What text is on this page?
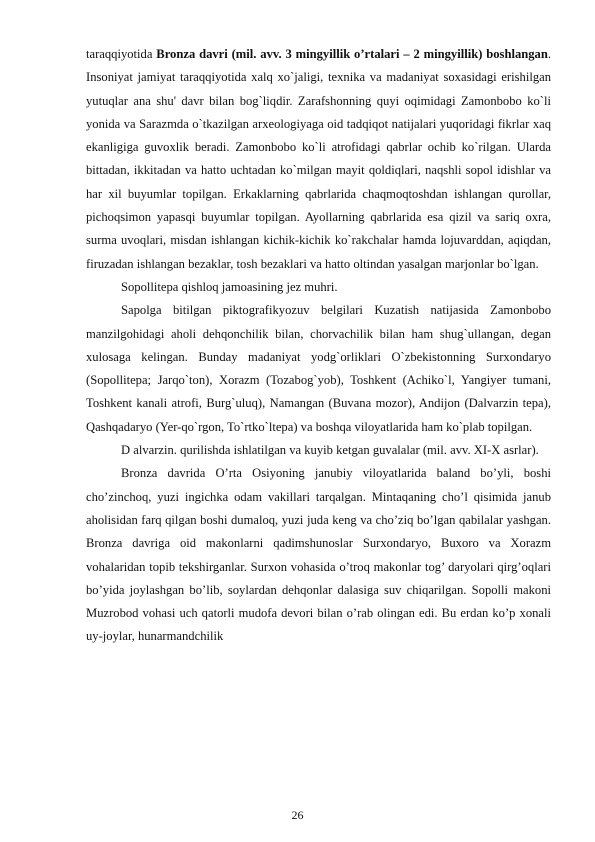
taraqqiyotida Bronza davri (mil. avv. 3 mingyillik o’rtalari – 2 mingyillik) boshlangan. Insoniyat jamiyat taraqqiyotida xalq xo`jaligi, texnika va madaniyat soxasidagi erishilgan yutuqlar ana shu' davr bilan bog`liqdir. Zarafshonning quyi oqimidagi Zamonbobo ko`li yonida va Sarazmda o`tkazilgan arxeologiyaga oid tadqiqot natijalari yuqoridagi fikrlar xaq ekanligiga guvoxlik beradi. Zamonbobo ko`li atrofidagi qabrlar ochib ko`rilgan. Ularda bittadan, ikkitadan va hatto uchtadan ko`milgan mayit qoldiqlari, naqshli sopol idishlar va har xil buyumlar topilgan. Erkaklarning qabrlarida chaqmoqtoshdan ishlangan qurollar, pichoqsimon yapasqi buyumlar topilgan. Ayollarning qabrlarida esa qizil va sariq oxra, surma uvoqlari, misdan ishlangan kichik-kichik ko`rakchalar hamda lojuvarddan, aqiqdan, firuzadan ishlangan bezaklar, tosh bezaklari va hatto oltindan yasalgan marjonlar bo`lgan.

Sopollitepa qishloq jamoasining jez muhri.

Sapolga bitilgan piktografikyozuv belgilari Kuzatish natijasida Zamonbobo manzilgohidagi aholi dehqonchilik bilan, chorvachilik bilan ham shug`ullangan, degan xulosaga kelingan. Bunday madaniyat yodg`orliklari O`zbekistonning Surxondaryo (Sopollitepa; Jarqo`ton), Xorazm (Tozabog`yob), Toshkent (Achiko`l, Yangiyer tumani, Toshkent kanali atrofi, Burg`uluq), Namangan (Buvana mozor), Andijon (Dalvarzin tepa), Qashqadaryo (Yer-qo`rgon, To`rtko`ltepa) va boshqa viloyatlarida ham ko`plab topilgan.

D alvarzin. qurilishda ishlatilgan va kuyib ketgan guvalalar (mil. avv. XI-X asrlar).

Bronza davrida O’rta Osiyoning janubiy viloyatlarida baland bo’yli, boshi cho’zinchoq, yuzi ingichka odam vakillari tarqalgan. Mintaqaning cho’l qisimida janub aholisidan farq qilgan boshi dumaloq, yuzi juda keng va cho’ziq bo’lgan qabilalar yashgan. Bronza davriga oid makonlarni qadimshunoslar Surxondaryo, Buxoro va Xorazm vohalaridan topib tekshirganlar. Surxon vohasida o’troq makonlar tog’ daryolari qirg’oqlari bo’yida joylashgan bo’lib, soylardan dehqonlar dalasiga suv chiqarilgan. Sopolli makoni Muzrobod vohasi uch qatorli mudofa devori bilan o’rab olingan edi. Bu erdan ko’p xonali uy-joylar, hunarmandchilik

26
